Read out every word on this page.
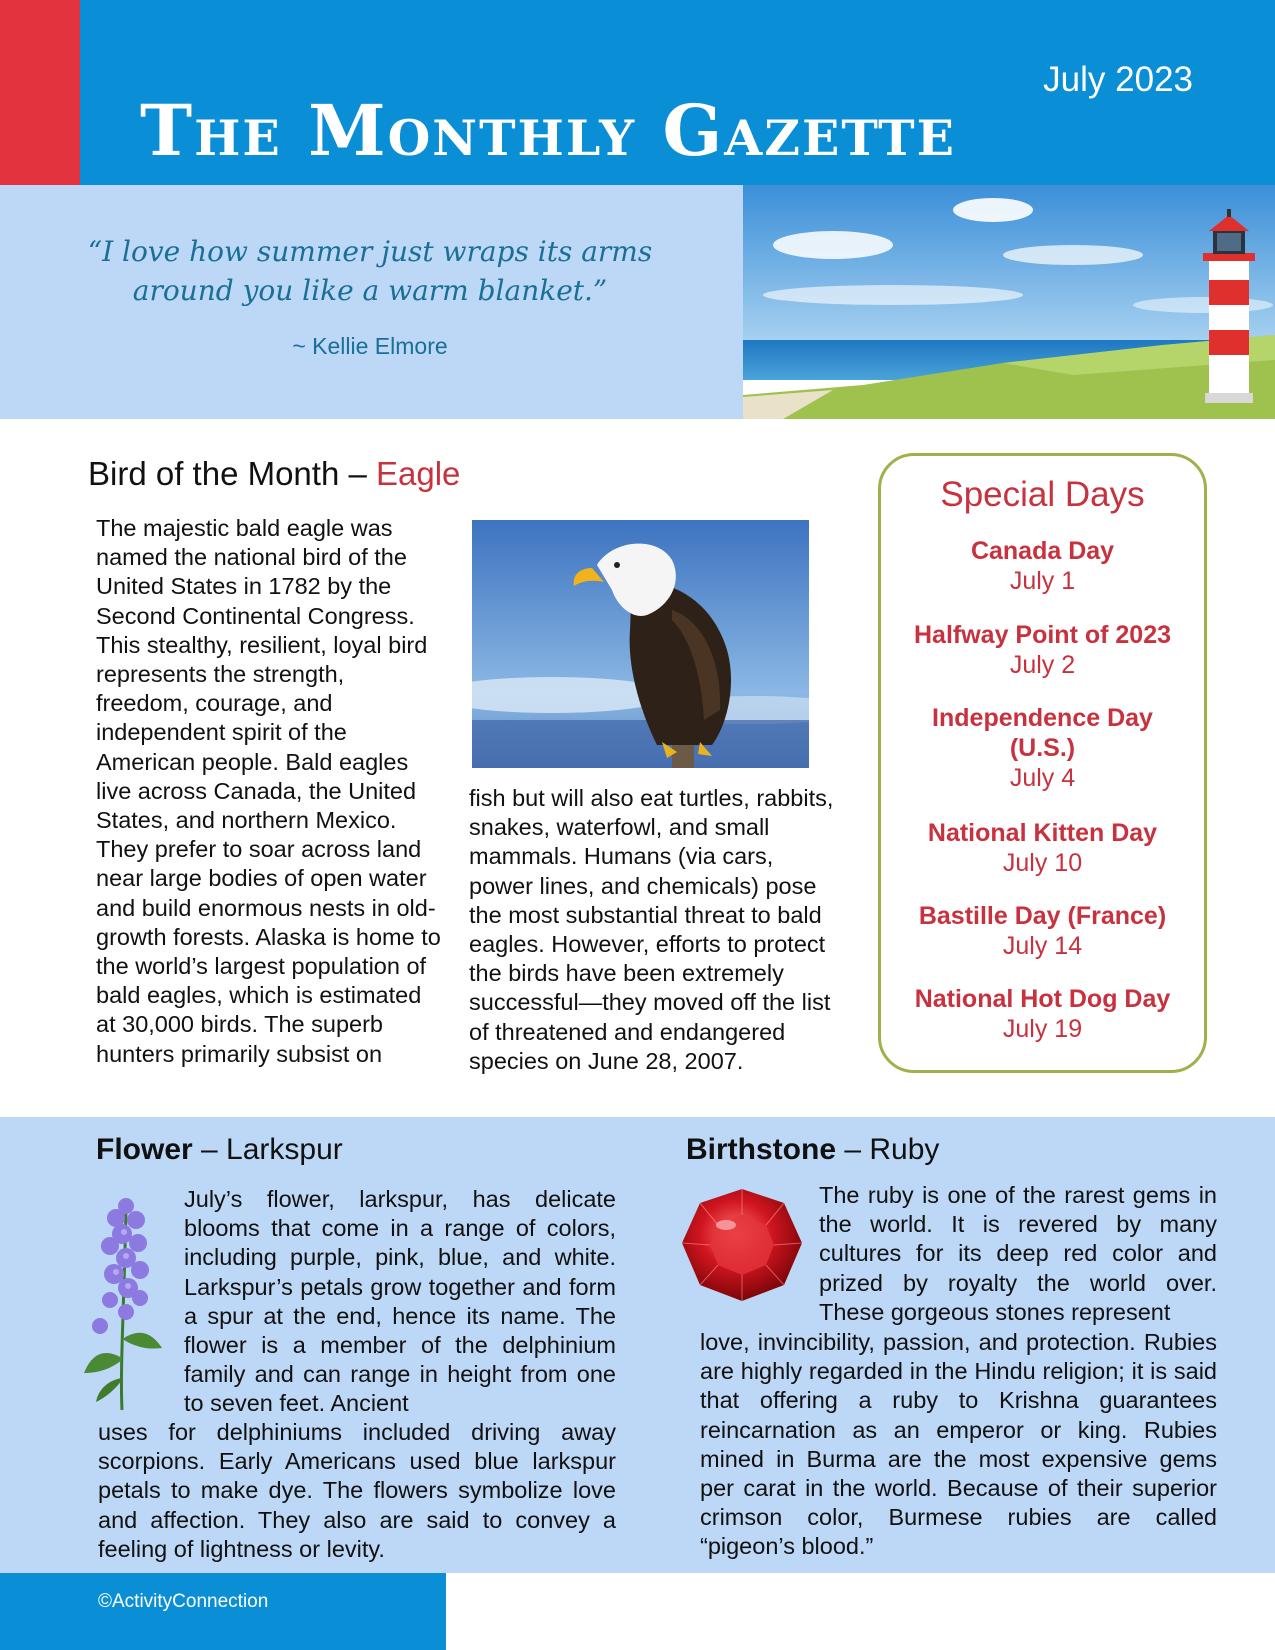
July 2023
The Monthly Gazette
“I love how summer just wraps its arms around you like a warm blanket.”
~ Kellie Elmore
Bird of the Month – Eagle
The majestic bald eagle was named the national bird of the United States in 1782 by the Second Continental Congress. This stealthy, resilient, loyal bird represents the strength, freedom, courage, and independent spirit of the American people. Bald eagles live across Canada, the United States, and northern Mexico. They prefer to soar across land near large bodies of open water and build enormous nests in old-growth forests. Alaska is home to the world’s largest population of bald eagles, which is estimated at 30,000 birds. The superb hunters primarily subsist on
fish but will also eat turtles, rabbits, snakes, waterfowl, and small mammals. Humans (via cars, power lines, and chemicals) pose the most substantial threat to bald eagles. However, efforts to protect the birds have been extremely successful—they moved off the list of threatened and endangered species on June 28, 2007.
Special Days
Canada Day
July 1
Halfway Point of 2023
July 2
Independence Day (U.S.)
July 4
National Kitten Day
July 10
Bastille Day (France)
July 14
National Hot Dog Day
July 19
Flower – Larkspur
July’s flower, larkspur, has delicate blooms that come in a range of colors, including purple, pink, blue, and white. Larkspur’s petals grow together and form a spur at the end, hence its name. The flower is a member of the delphinium family and can range in height from one to seven feet. Ancient
uses for delphiniums included driving away scorpions. Early Americans used blue larkspur petals to make dye. The flowers symbolize love and affection. They also are said to convey a feeling of lightness or levity.
Birthstone – Ruby
The ruby is one of the rarest gems in the world. It is revered by many cultures for its deep red color and prized by royalty the world over. These gorgeous stones represent
love, invincibility, passion, and protection. Rubies are highly regarded in the Hindu religion; it is said that offering a ruby to Krishna guarantees reincarnation as an emperor or king. Rubies mined in Burma are the most expensive gems per carat in the world. Because of their superior crimson color, Burmese rubies are called “pigeon’s blood.”
©ActivityConnection
